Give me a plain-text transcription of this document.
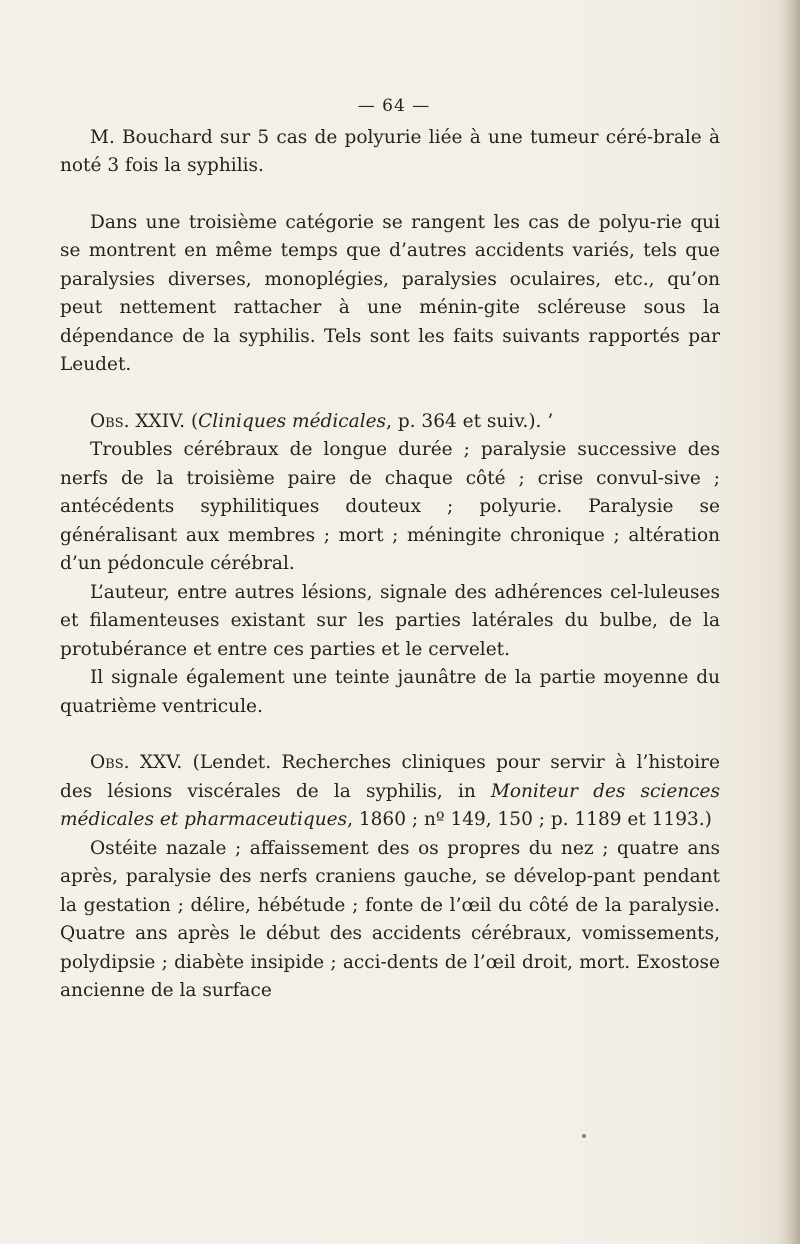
— 64 —

M. Bouchard sur 5 cas de polyurie liée à une tumeur céré-brale à noté 3 fois la syphilis.

Dans une troisième catégorie se rangent les cas de polyu-rie qui se montrent en même temps que d’autres accidents variés, tels que paralysies diverses, monoplégies, paralysies oculaires, etc., qu’on peut nettement rattacher à une ménin-gite scléreuse sous la dépendance de la syphilis. Tels sont les faits suivants rapportés par Leudet.

Obs. XXIV. (Cliniques médicales, p. 364 et suiv.). ’

Troubles cérébraux de longue durée ; paralysie successive des nerfs de la troisième paire de chaque côté ; crise convul-sive ; antécédents syphilitiques douteux ; polyurie. Paralysie se généralisant aux membres ; mort ; méningite chronique ; altération d’un pédoncule cérébral.

L’auteur, entre autres lésions, signale des adhérences cel-luleuses et filamenteuses existant sur les parties latérales du bulbe, de la protubérance et entre ces parties et le cervelet.

Il signale également une teinte jaunâtre de la partie moyenne du quatrième ventricule.

Obs. XXV. (Lendet. Recherches cliniques pour servir à l’histoire des lésions viscérales de la syphilis, in Moniteur des sciences médicales et pharmaceutiques, 1860 ; nº 149, 150 ; p. 1189 et 1193.)

Ostéite nazale ; affaissement des os propres du nez ; quatre ans après, paralysie des nerfs craniens gauche, se dévelop-pant pendant la gestation ; délire, hébétude ; fonte de l’œil du côté de la paralysie. Quatre ans après le début des accidents cérébraux, vomissements, polydipsie ; diabète insipide ; acci-dents de l’œil droit, mort. Exostose ancienne de la surface
